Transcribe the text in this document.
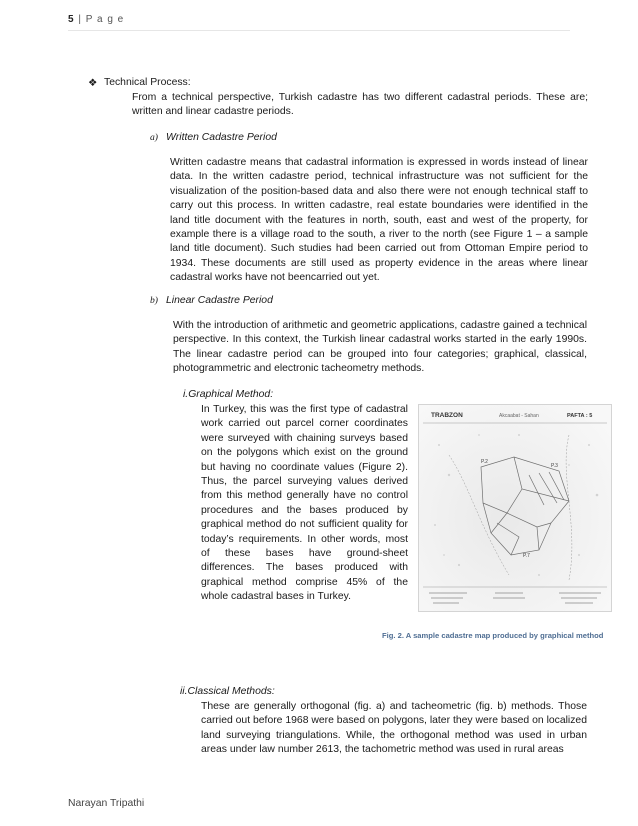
5 | P a g e
❖ Technical Process:
From a technical perspective, Turkish cadastre has two different cadastral periods. These are; written and linear cadastre periods.
a) Written Cadastre Period
Written cadastre means that cadastral information is expressed in words instead of linear data. In the written cadastre period, technical infrastructure was not sufficient for the visualization of the position-based data and also there were not enough technical staff to carry out this process. In written cadastre, real estate boundaries were identified in the land title document with the features in north, south, east and west of the property, for example there is a village road to the south, a river to the north (see Figure 1 – a sample land title document). Such studies had been carried out from Ottoman Empire period to 1934. These documents are still used as property evidence in the areas where linear cadastral works have not beencarried out yet.
b) Linear Cadastre Period
With the introduction of arithmetic and geometric applications, cadastre gained a technical perspective. In this context, the Turkish linear cadastral works started in the early 1990s. The linear cadastre period can be grouped into four categories; graphical, classical, photogrammetric and electronic tacheometry methods.
i.Graphical Method:
In Turkey, this was the first type of cadastral work carried out parcel corner coordinates were surveyed with chaining surveys based on the polygons which exist on the ground but having no coordinate values (Figure 2). Thus, the parcel surveying values derived from this method generally have no control procedures and the bases produced by graphical method do not sufficient quality for today’s requirements. In other words, most of these bases have ground-sheet differences. The bases produced with graphical method comprise 45% of the whole cadastral bases in Turkey.
TRABZON	Akcaabat - Sahan	PAFTA : 5
P.2
P.3
P.7
Fig. 2. A sample cadastre map produced by graphical method
ii.Classical Methods:
These are generally orthogonal (fig. a) and tacheometric (fig. b) methods. Those carried out before 1968 were based on polygons, later they were based on localized land surveying triangulations. While, the orthogonal method was used in urban areas under law number 2613, the tachometric method was used in rural areas
Narayan Tripathi
